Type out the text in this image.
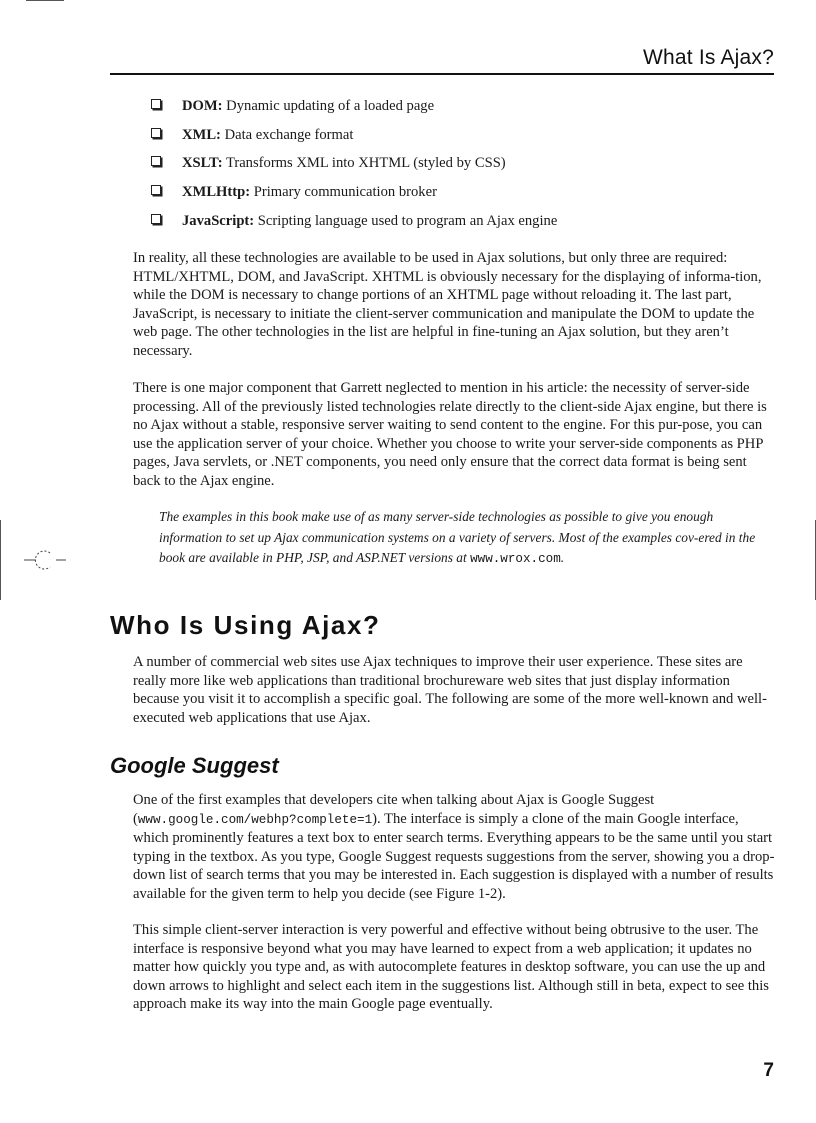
What Is Ajax?
DOM: Dynamic updating of a loaded page
XML: Data exchange format
XSLT: Transforms XML into XHTML (styled by CSS)
XMLHttp: Primary communication broker
JavaScript: Scripting language used to program an Ajax engine

In reality, all these technologies are available to be used in Ajax solutions, but only three are required: HTML/XHTML, DOM, and JavaScript. XHTML is obviously necessary for the displaying of informa-tion, while the DOM is necessary to change portions of an XHTML page without reloading it. The last part, JavaScript, is necessary to initiate the client-server communication and manipulate the DOM to update the web page. The other technologies in the list are helpful in fine-tuning an Ajax solution, but they aren’t necessary.

There is one major component that Garrett neglected to mention in his article: the necessity of server-side processing. All of the previously listed technologies relate directly to the client-side Ajax engine, but there is no Ajax without a stable, responsive server waiting to send content to the engine. For this pur-pose, you can use the application server of your choice. Whether you choose to write your server-side components as PHP pages, Java servlets, or .NET components, you need only ensure that the correct data format is being sent back to the Ajax engine.

The examples in this book make use of as many server-side technologies as possible to give you enough information to set up Ajax communication systems on a variety of servers. Most of the examples cov-ered in the book are available in PHP, JSP, and ASP.NET versions at www.wrox.com.

Who Is Using Ajax?

A number of commercial web sites use Ajax techniques to improve their user experience. These sites are really more like web applications than traditional brochureware web sites that just display information because you visit it to accomplish a specific goal. The following are some of the more well-known and well-executed web applications that use Ajax.

Google Suggest

One of the first examples that developers cite when talking about Ajax is Google Suggest (www.google.com/webhp?complete=1). The interface is simply a clone of the main Google interface, which prominently features a text box to enter search terms. Everything appears to be the same until you start typing in the textbox. As you type, Google Suggest requests suggestions from the server, showing you a drop-down list of search terms that you may be interested in. Each suggestion is displayed with a number of results available for the given term to help you decide (see Figure 1-2).

This simple client-server interaction is very powerful and effective without being obtrusive to the user. The interface is responsive beyond what you may have learned to expect from a web application; it updates no matter how quickly you type and, as with autocomplete features in desktop software, you can use the up and down arrows to highlight and select each item in the suggestions list. Although still in beta, expect to see this approach make its way into the main Google page eventually.

7
